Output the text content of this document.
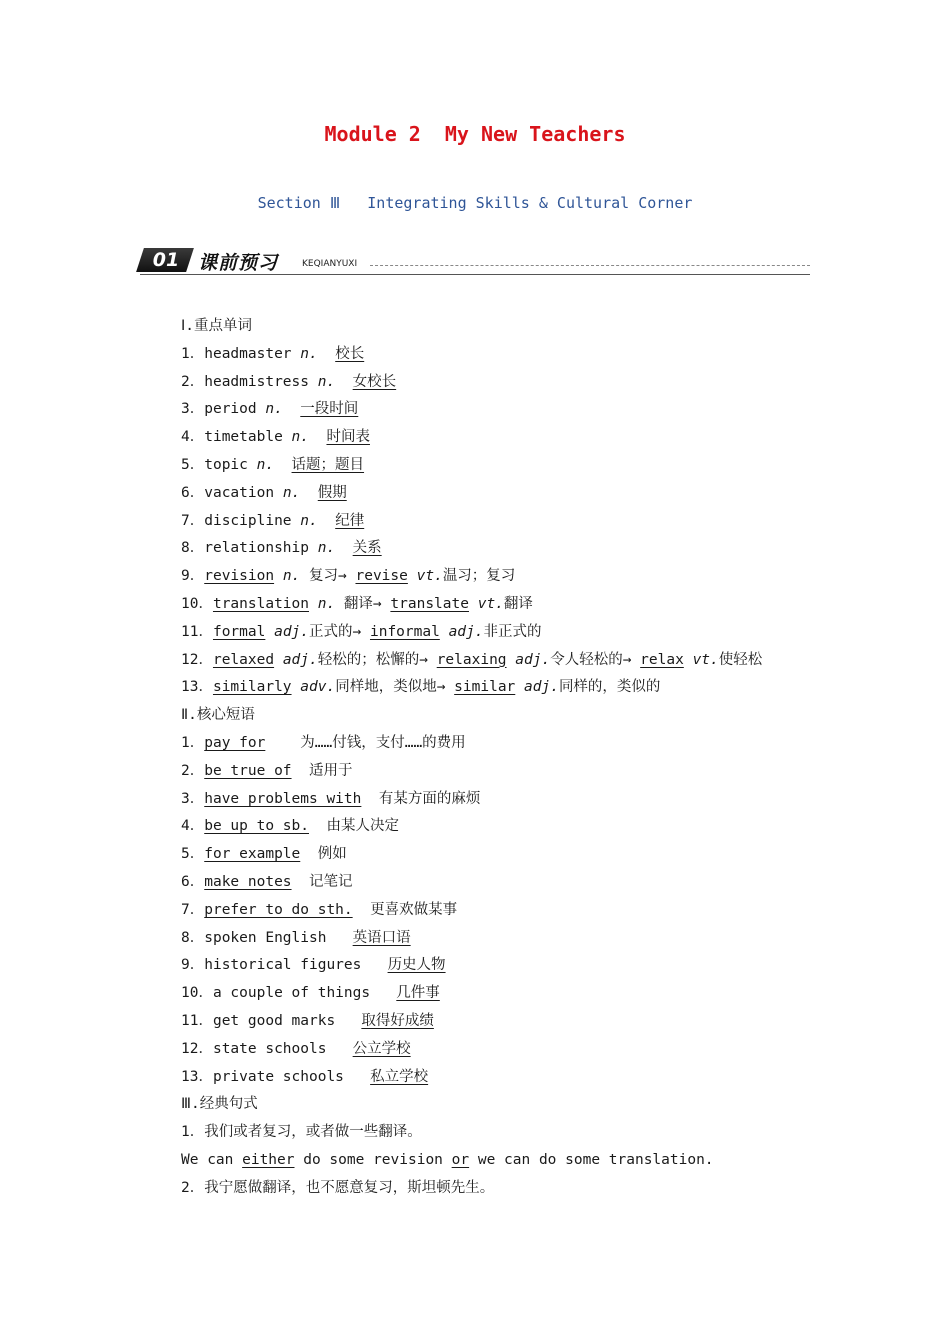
Module 2  My New Teachers
Section Ⅲ   Integrating Skills & Cultural Corner
01 课前预习	KEQIANYUXI
Ⅰ.重点单词
1．headmaster n. 校长
2．headmistress n. 女校长
3．period n. 一段时间
4．timetable n. 时间表
5．topic n. 话题；题目
6．vacation n. 假期
7．discipline n. 纪律
8．relationship n. 关系
9．revision n. 复习→ revise vt.温习；复习
10．translation n. 翻译→ translate vt.翻译
11．formal adj.正式的→ informal adj.非正式的
12．relaxed adj.轻松的；松懈的→ relaxing adj.令人轻松的→ relax vt.使轻松
13．similarly adv.同样地，类似地→ similar adj.同样的，类似的
Ⅱ.核心短语
1．pay for    为……付钱，支付……的费用
2．be true of  适用于
3．have problems with  有某方面的麻烦
4．be up to sb.  由某人决定
5．for example  例如
6．make notes  记笔记
7．prefer to do sth.  更喜欢做某事
8．spoken English   英语口语
9．historical figures   历史人物
10．a couple of things   几件事
11．get good marks   取得好成绩
12．state schools   公立学校
13．private schools   私立学校
Ⅲ.经典句式
1．我们或者复习，或者做一些翻译。
We can either do some revision or we can do some translation.
2．我宁愿做翻译，也不愿意复习，斯坦顿先生。
